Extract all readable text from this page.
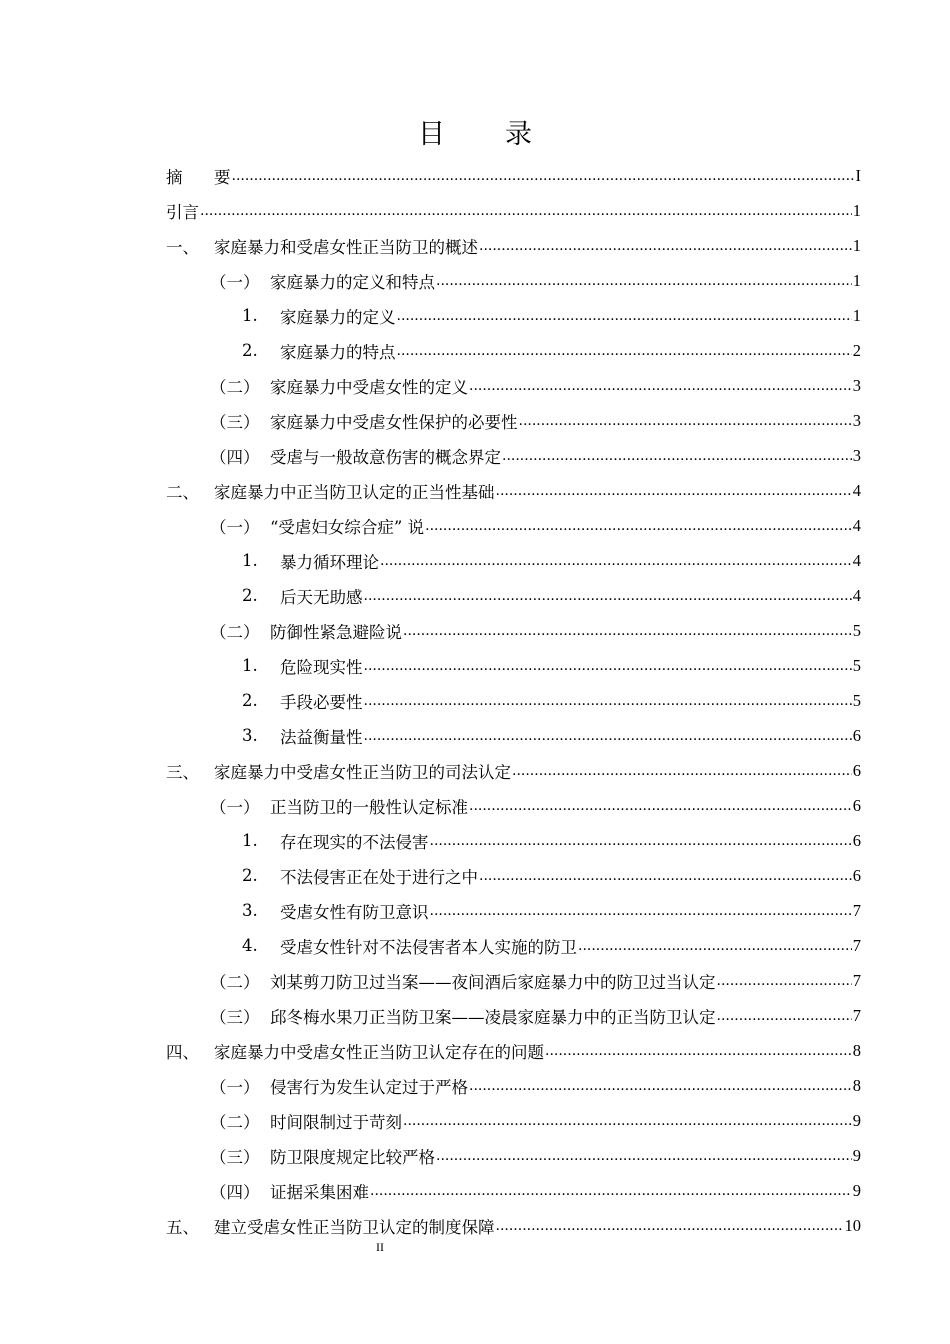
目 录
摘	要 .....	I
引言 .....	1
一、 家庭暴力和受虐女性正当防卫的概述 .....	1
（一） 家庭暴力的定义和特点 .....	1
1.	家庭暴力的定义 .....	1
2.	家庭暴力的特点 .....	2
（二） 家庭暴力中受虐女性的定义 .....	3
（三） 家庭暴力中受虐女性保护的必要性 .....	3
（四） 受虐与一般故意伤害的概念界定 .....	3
二、 家庭暴力中正当防卫认定的正当性基础 .....	4
（一） “受虐妇女综合症” 说 .....	4
1.	暴力循环理论 .....	4
2.	后天无助感 .....	4
（二） 防御性紧急避险说 .....	5
1.	危险现实性 .....	5
2.	手段必要性 .....	5
3.	法益衡量性 .....	6
三、 家庭暴力中受虐女性正当防卫的司法认定 .....	6
（一） 正当防卫的一般性认定标准 .....	6
1.	存在现实的不法侵害 .....	6
2.	不法侵害正在处于进行之中 .....	6
3.	受虐女性有防卫意识 .....	7
4.	受虐女性针对不法侵害者本人实施的防卫 .....	7
（二） 刘某剪刀防卫过当案——夜间酒后家庭暴力中的防卫过当认定 .....	7
（三） 邱冬梅水果刀正当防卫案——凌晨家庭暴力中的正当防卫认定 .....	7
四、 家庭暴力中受虐女性正当防卫认定存在的问题 .....	8
（一） 侵害行为发生认定过于严格 .....	8
（二） 时间限制过于苛刻 .....	9
（三） 防卫限度规定比较严格 .....	9
（四） 证据采集困难 .....	9
五、 建立受虐女性正当防卫认定的制度保障 .....	10
II
